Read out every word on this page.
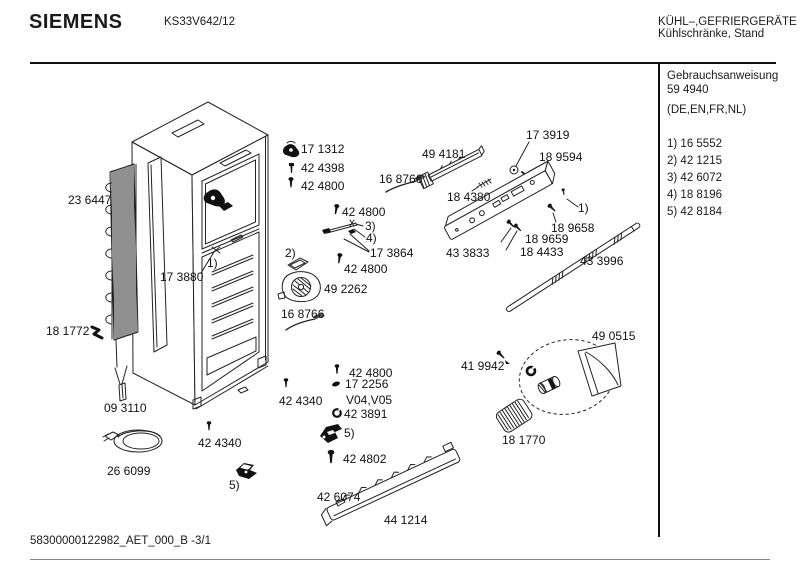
SIEMENS	KS33V642/12	KÜHL–,GEFRIERGERÄTE
Kühlschränke, Stand
Gebrauchsanweisung
59 4940
(DE,EN,FR,NL)
1) 16 5552
2) 42 1215
3) 42 6072
4) 18 8196
5) 42 8184
23 6447
17 3880
1)
18 1772
09 3110
26 6099
42 4340
5)
17 1312
42 4398
42 4800	16 8766
49 4181
17 3919
18 9594
18 4380
42 4800
3)
4)
17 3864
2)
42 4800
49 2262
16 8766
43 3833
18 9659
18 4433
18 9658
1)
43 3996
49 0515
41 9942
18 1770
42 4340
42 4800
17 2256
V04,V05
42 3891
5)
42 4802
42 6074
44 1214
58300000122982_AET_000_B -3/1
